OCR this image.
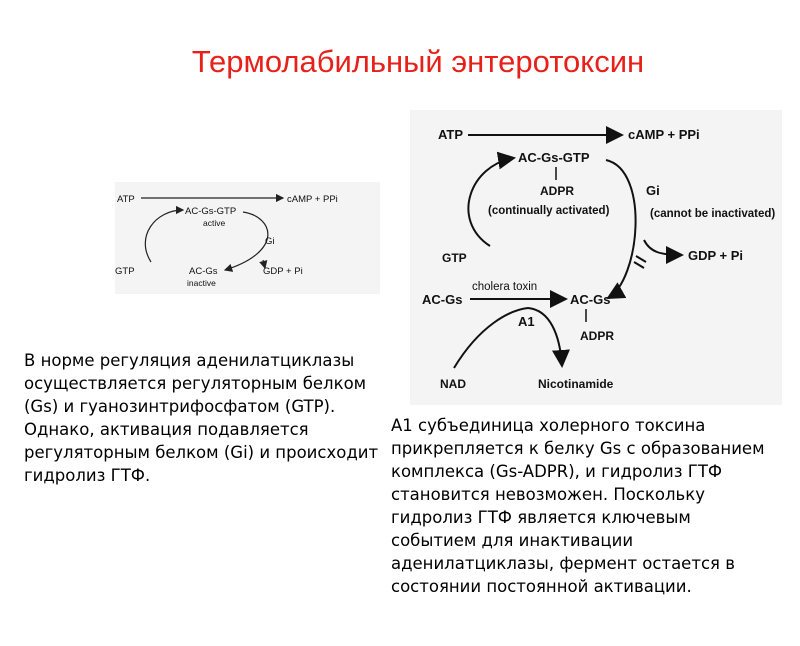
Термолабильный энтеротоксин
ATP	cAMP + PPi
AC-Gs-GTP
active
Gi
GTP	AC-Gs
inactive
GDP + Pi
ATP	cAMP + PPi
AC-Gs-GTP
ADPR
(continually activated)
GTP
Gi
(cannot be inactivated)
GDP + Pi
AC-Gs
cholera toxin
AC-Gs
ADPR
A1
NAD	Nicotinamide
В норме регуляция аденилатциклазы осуществляется регуляторным белком (Gs) и гуанозинтрифосфатом (GTP). Однако, активация подавляется регуляторным белком (Gi) и происходит гидролиз ГТФ.
А1 субъединица холерного токсина прикрепляется к белку Gs с образованием комплекса (Gs-ADPR), и гидролиз ГТФ становится невозможен. Поскольку гидролиз ГТФ является ключевым событием для инактивации аденилатциклазы, фермент остается в состоянии постоянной активации.
